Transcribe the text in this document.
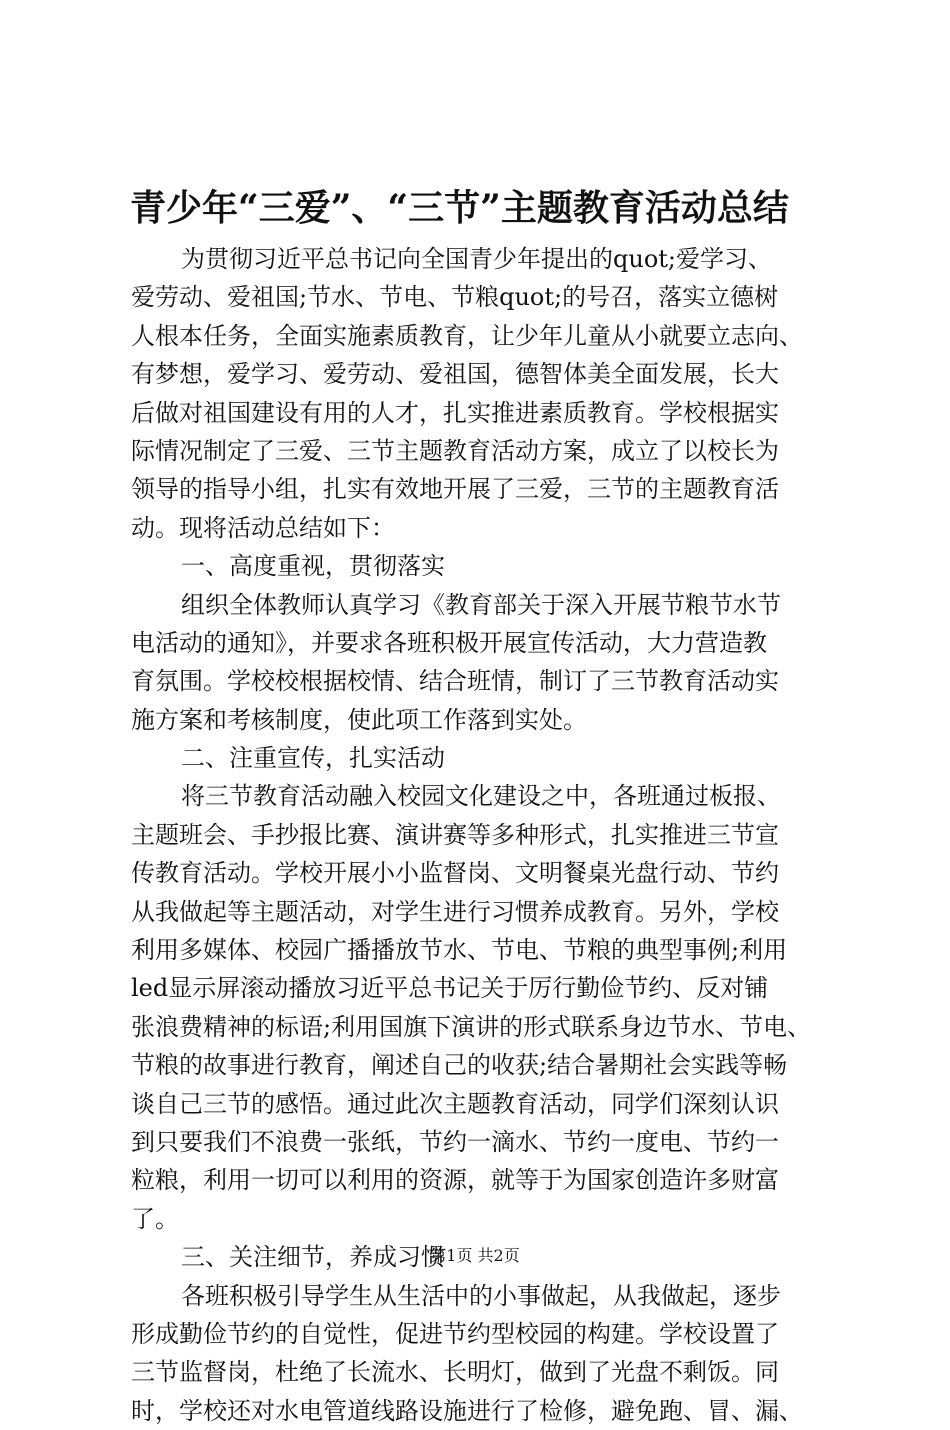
青少年“三爱”、“三节”主题教育活动总结
为贯彻习近平总书记向全国青少年提出的quot;爱学习、
爱劳动、爱祖国;节水、节电、节粮quot;的号召，落实立德树
人根本任务，全面实施素质教育，让少年儿童从小就要立志向、
有梦想，爱学习、爱劳动、爱祖国，德智体美全面发展，长大
后做对祖国建设有用的人才，扎实推进素质教育。学校根据实
际情况制定了三爱、三节主题教育活动方案，成立了以校长为
领导的指导小组，扎实有效地开展了三爱，三节的主题教育活
动。现将活动总结如下：
一、高度重视，贯彻落实
组织全体教师认真学习《教育部关于深入开展节粮节水节
电活动的通知》，并要求各班积极开展宣传活动，大力营造教
育氛围。学校校根据校情、结合班情，制订了三节教育活动实
施方案和考核制度，使此项工作落到实处。
二、注重宣传，扎实活动
将三节教育活动融入校园文化建设之中，各班通过板报、
主题班会、手抄报比赛、演讲赛等多种形式，扎实推进三节宣
传教育活动。学校开展小小监督岗、文明餐桌光盘行动、节约
从我做起等主题活动，对学生进行习惯养成教育。另外，学校
利用多媒体、校园广播播放节水、节电、节粮的典型事例;利用
led显示屏滚动播放习近平总书记关于厉行勤俭节约、反对铺
张浪费精神的标语;利用国旗下演讲的形式联系身边节水、节电、
节粮的故事进行教育，阐述自己的收获;结合暑期社会实践等畅
谈自己三节的感悟。通过此次主题教育活动，同学们深刻认识
到只要我们不浪费一张纸，节约一滴水、节约一度电、节约一
粒粮，利用一切可以利用的资源，就等于为国家创造许多财富
了。
三、关注细节，养成习惯
各班积极引导学生从生活中的小事做起，从我做起，逐步
形成勤俭节约的自觉性，促进节约型校园的构建。学校设置了
三节监督岗，杜绝了长流水、长明灯，做到了光盘不剩饭。同
时，学校还对水电管道线路设施进行了检修，避免跑、冒、漏、
第1页 共2页
